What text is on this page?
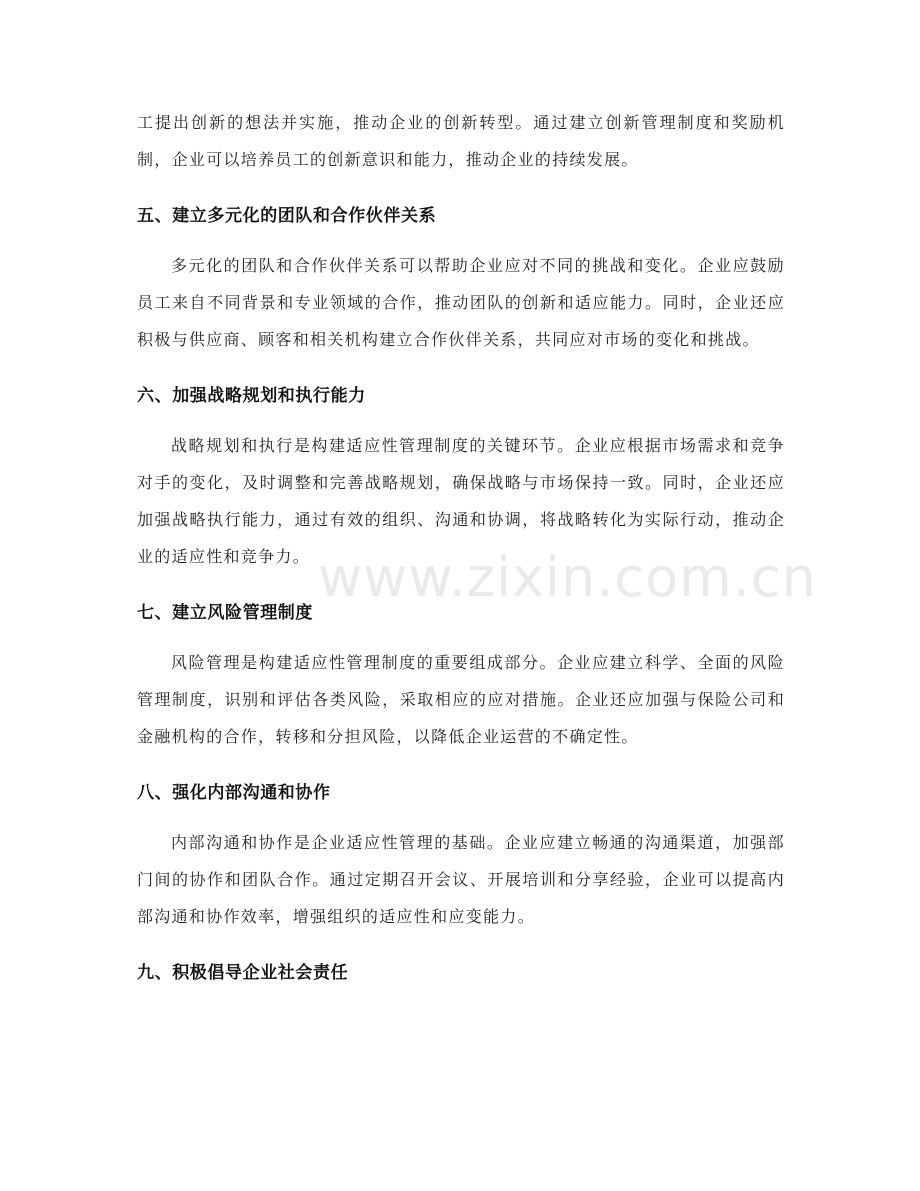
工提出创新的想法并实施，推动企业的创新转型。通过建立创新管理制度和奖励机制，企业可以培养员工的创新意识和能力，推动企业的持续发展。

五、建立多元化的团队和合作伙伴关系

多元化的团队和合作伙伴关系可以帮助企业应对不同的挑战和变化。企业应鼓励员工来自不同背景和专业领域的合作，推动团队的创新和适应能力。同时，企业还应积极与供应商、顾客和相关机构建立合作伙伴关系，共同应对市场的变化和挑战。

六、加强战略规划和执行能力

战略规划和执行是构建适应性管理制度的关键环节。企业应根据市场需求和竞争对手的变化，及时调整和完善战略规划，确保战略与市场保持一致。同时，企业还应加强战略执行能力，通过有效的组织、沟通和协调，将战略转化为实际行动，推动企业的适应性和竞争力。

七、建立风险管理制度

风险管理是构建适应性管理制度的重要组成部分。企业应建立科学、全面的风险管理制度，识别和评估各类风险，采取相应的应对措施。企业还应加强与保险公司和金融机构的合作，转移和分担风险，以降低企业运营的不确定性。

八、强化内部沟通和协作

内部沟通和协作是企业适应性管理的基础。企业应建立畅通的沟通渠道，加强部门间的协作和团队合作。通过定期召开会议、开展培训和分享经验，企业可以提高内部沟通和协作效率，增强组织的适应性和应变能力。

九、积极倡导企业社会责任
www.zixin.com.cn
